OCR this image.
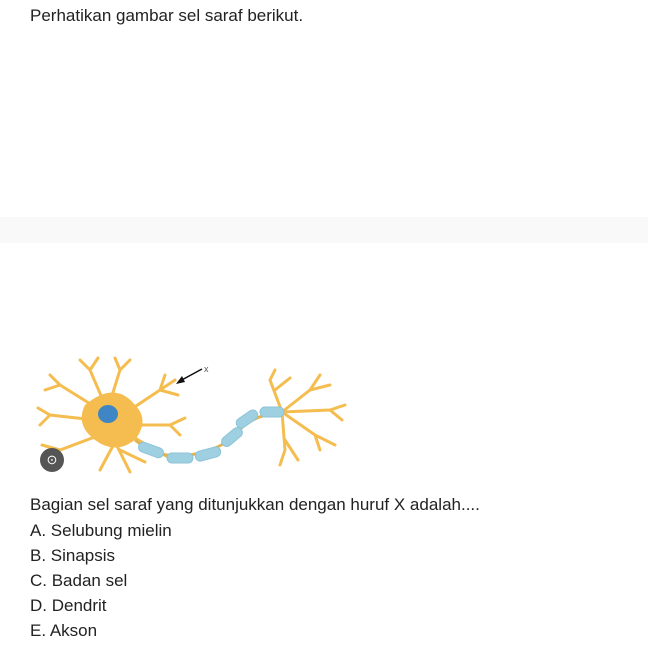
Perhatikan gambar sel saraf berikut.
x
⊙
Bagian sel saraf yang ditunjukkan dengan huruf X adalah....
A. Selubung mielin
B. Sinapsis
C. Badan sel
D. Dendrit
E. Akson
